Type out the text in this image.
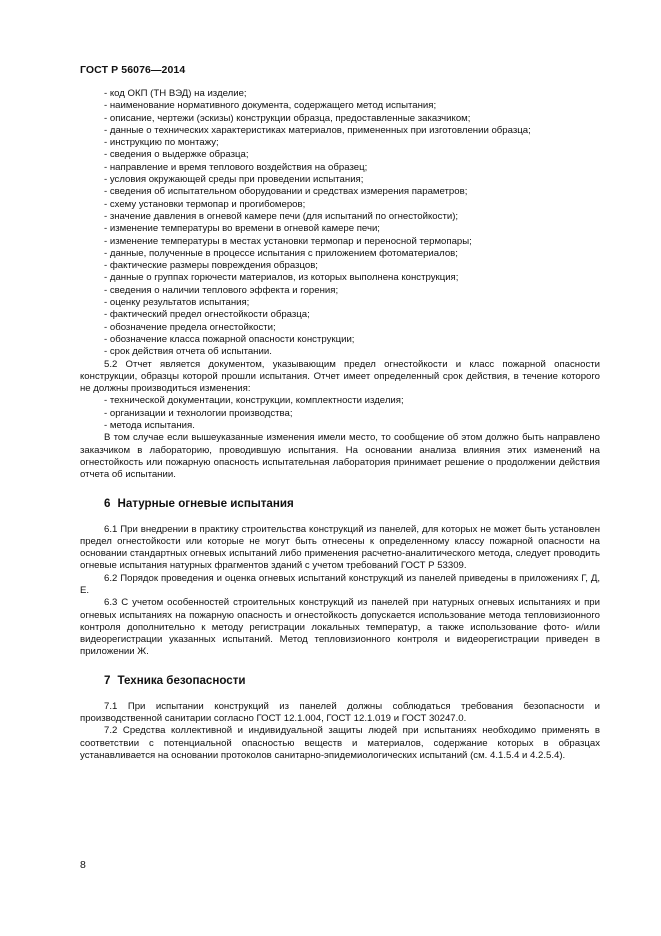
ГОСТ Р 56076—2014

- код ОКП (ТН ВЭД) на изделие;

- наименование нормативного документа, содержащего метод испытания;

- описание, чертежи (эскизы) конструкции образца, предоставленные заказчиком;

- данные о технических характеристиках материалов, примененных при изготовлении образца;

- инструкцию по монтажу;

- сведения о выдержке образца;

- направление и время теплового воздействия на образец;

- условия окружающей среды при проведении испытания;

- сведения об испытательном оборудовании и средствах измерения параметров;

- схему установки термопар и прогибомеров;

- значение давления в огневой камере печи (для испытаний по огнестойкости);

- изменение температуры во времени в огневой камере печи;

- изменение температуры в местах установки термопар и переносной термопары;

- данные, полученные в процессе испытания с приложением фотоматериалов;

- фактические размеры повреждения образцов;

- данные о группах горючести материалов, из которых выполнена конструкция;

- сведения о наличии теплового эффекта и горения;

- оценку результатов испытания;

- фактический предел огнестойкости образца;

- обозначение предела огнестойкости;

- обозначение класса пожарной опасности конструкции;

- срок действия отчета об испытании.

5.2 Отчет является документом, указывающим предел огнестойкости и класс пожарной опасности конструкции, образцы которой прошли испытания. Отчет имеет определенный срок действия, в течение которого не должны производиться изменения:

- технической документации, конструкции, комплектности изделия;

- организации и технологии производства;

- метода испытания.

В том случае если вышеуказанные изменения имели место, то сообщение об этом должно быть направлено заказчиком в лабораторию, проводившую испытания. На основании анализа влияния этих изменений на огнестойкость или пожарную опасность испытательная лаборатория принимает решение о продолжении действия отчета об испытании.

6 Натурные огневые испытания

6.1 При внедрении в практику строительства конструкций из панелей, для которых не может быть установлен предел огнестойкости или которые не могут быть отнесены к определенному классу пожарной опасности на основании стандартных огневых испытаний либо применения расчетно-аналитического метода, следует проводить огневые испытания натурных фрагментов зданий с учетом требований ГОСТ Р 53309.

6.2 Порядок проведения и оценка огневых испытаний конструкций из панелей приведены в приложениях Г, Д, Е.

6.3 С учетом особенностей строительных конструкций из панелей при натурных огневых испытаниях и при огневых испытаниях на пожарную опасность и огнестойкость допускается использование метода тепловизионного контроля дополнительно к методу регистрации локальных температур, а также использование фото- и/или видеорегистрации указанных испытаний. Метод тепловизионного контроля и видеорегистрации приведен в приложении Ж.

7 Техника безопасности

7.1 При испытании конструкций из панелей должны соблюдаться требования безопасности и производственной санитарии согласно ГОСТ 12.1.004, ГОСТ 12.1.019 и ГОСТ 30247.0.

7.2 Средства коллективной и индивидуальной защиты людей при испытаниях необходимо применять в соответствии с потенциальной опасностью веществ и материалов, содержание которых в образцах устанавливается на основании протоколов санитарно-эпидемиологических испытаний (см. 4.1.5.4 и 4.2.5.4).

8
